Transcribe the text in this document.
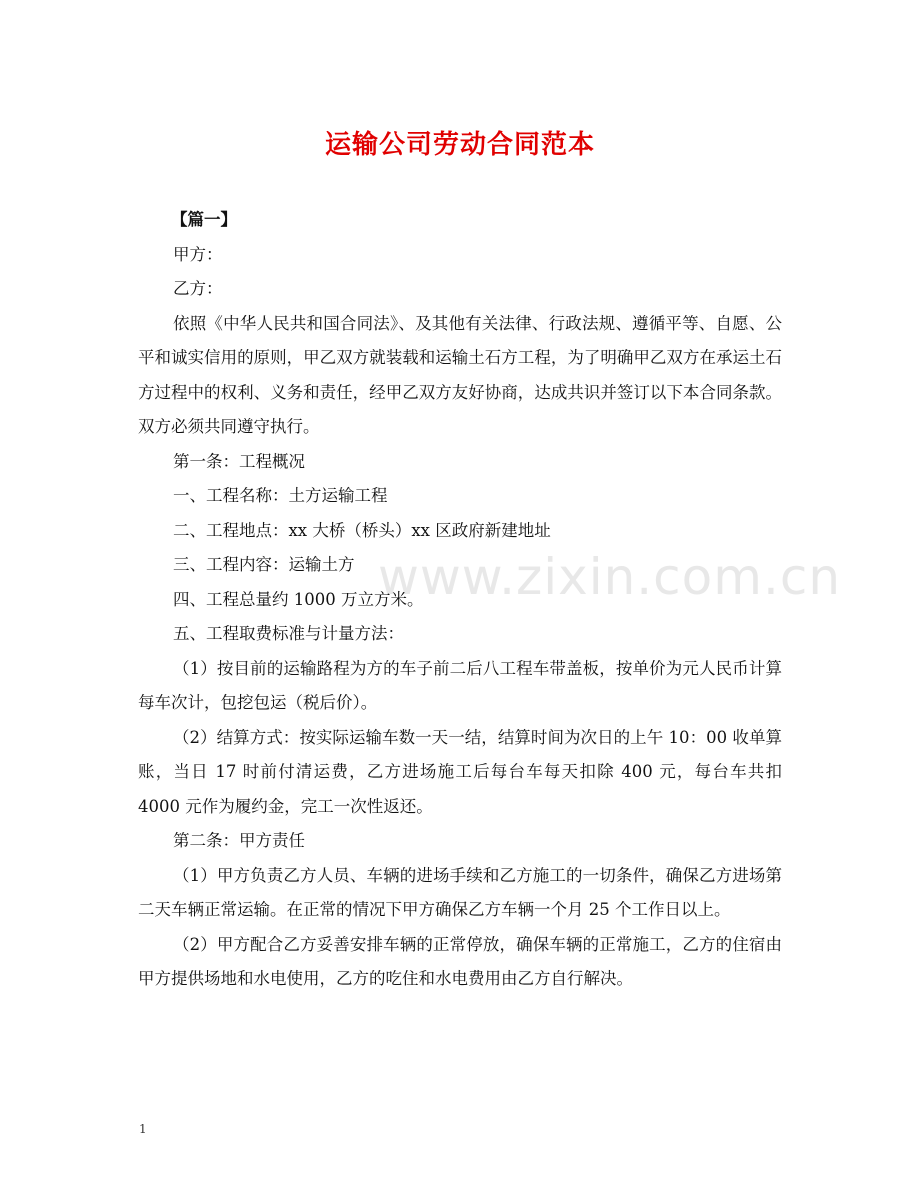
运输公司劳动合同范本
www.zixin.com.cn

【篇一】

甲方：

乙方：

依照《中华人民共和国合同法》、及其他有关法律、行政法规、遵循平等、自愿、公平和诚实信用的原则，甲乙双方就装载和运输土石方工程，为了明确甲乙双方在承运土石方过程中的权利、义务和责任，经甲乙双方友好协商，达成共识并签订以下本合同条款。双方必须共同遵守执行。

第一条：工程概况

一、工程名称：土方运输工程

二、工程地点：xx 大桥（桥头）xx 区政府新建地址

三、工程内容：运输土方

四、工程总量约 1000 万立方米。

五、工程取费标准与计量方法：

（1）按目前的运输路程为方的车子前二后八工程车带盖板，按单价为元人民币计算每车次计，包挖包运（税后价）。

（2）结算方式：按实际运输车数一天一结，结算时间为次日的上午 10：00 收单算账，当日 17 时前付清运费，乙方进场施工后每台车每天扣除 400 元，每台车共扣 4000 元作为履约金，完工一次性返还。

第二条：甲方责任

（1）甲方负责乙方人员、车辆的进场手续和乙方施工的一切条件，确保乙方进场第二天车辆正常运输。在正常的情况下甲方确保乙方车辆一个月 25 个工作日以上。

（2）甲方配合乙方妥善安排车辆的正常停放，确保车辆的正常施工，乙方的住宿由甲方提供场地和水电使用，乙方的吃住和水电费用由乙方自行解决。

1
